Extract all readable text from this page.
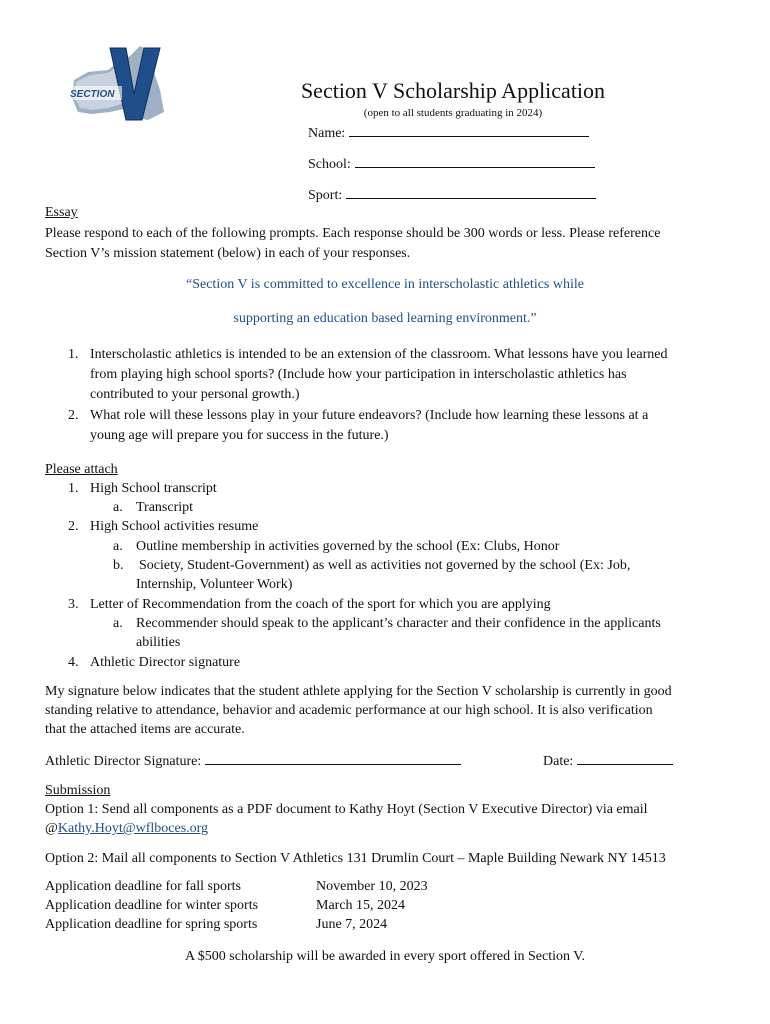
SECTION	Section V Scholarship Application
(open to all students graduating in 2024)
Name:
School:
Sport:
Essay
Please respond to each of the following prompts. Each response should be 300 words or less. Please reference
Section V’s mission statement (below) in each of your responses.
“Section V is committed to excellence in interscholastic athletics while
supporting an education based learning environment.”
1. Interscholastic athletics is intended to be an extension of the classroom. What lessons have you learned
from playing high school sports? (Include how your participation in interscholastic athletics has
contributed to your personal growth.)
2. What role will these lessons play in your future endeavors? (Include how learning these lessons at a
young age will prepare you for success in the future.)
Please attach
1. High School transcript
a. Transcript
2. High School activities resume
a. Outline membership in activities governed by the school (Ex: Clubs, Honor
b. Society, Student-Government) as well as activities not governed by the school (Ex: Job,
Internship, Volunteer Work)
3. Letter of Recommendation from the coach of the sport for which you are applying
a. Recommender should speak to the applicant’s character and their confidence in the applicants
abilities
4. Athletic Director signature
My signature below indicates that the student athlete applying for the Section V scholarship is currently in good
standing relative to attendance, behavior and academic performance at our high school. It is also verification
that the attached items are accurate.
Athletic Director Signature:	Date:
Submission
Option 1: Send all components as a PDF document to Kathy Hoyt (Section V Executive Director) via email
@Kathy.Hoyt@wflboces.org
Option 2: Mail all components to Section V Athletics 131 Drumlin Court – Maple Building Newark NY 14513
Application deadline for fall sports	November 10, 2023
Application deadline for winter sports	March 15, 2024
Application deadline for spring sports	June 7, 2024
A $500 scholarship will be awarded in every sport offered in Section V.
